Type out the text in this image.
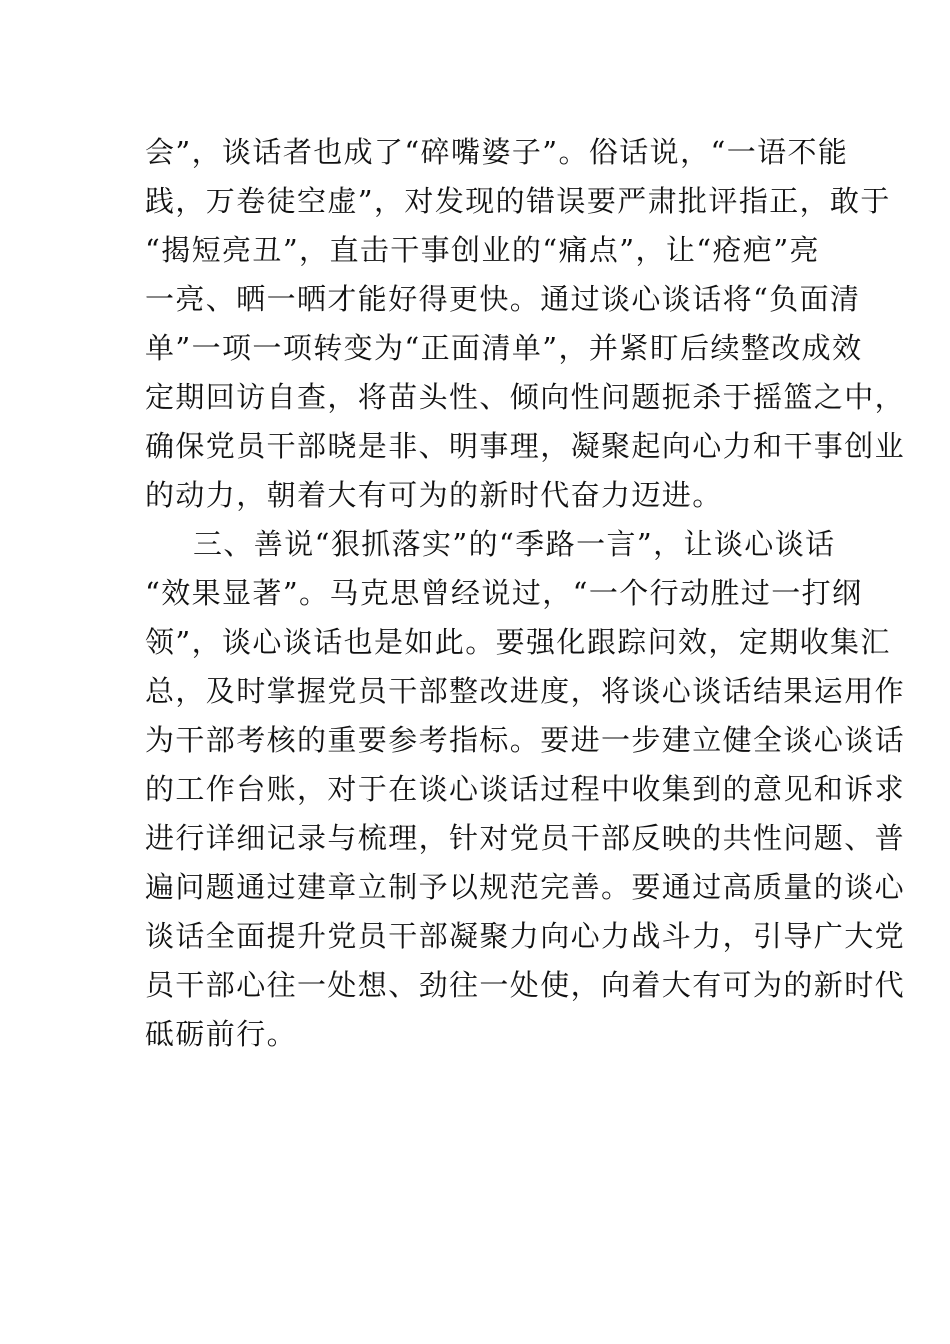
会”，谈话者也成了“碎嘴婆子”。俗话说，“一语不能
践，万卷徒空虚”，对发现的错误要严肃批评指正，敢于
“揭短亮丑”，直击干事创业的“痛点”，让“疮疤”亮
一亮、晒一晒才能好得更快。通过谈心谈话将“负面清
单”一项一项转变为“正面清单”，并紧盯后续整改成效
定期回访自查，将苗头性、倾向性问题扼杀于摇篮之中，
确保党员干部晓是非、明事理，凝聚起向心力和干事创业
的动力，朝着大有可为的新时代奋力迈进。
三、善说“狠抓落实”的“季路一言”，让谈心谈话
“效果显著”。马克思曾经说过，“一个行动胜过一打纲
领”，谈心谈话也是如此。要强化跟踪问效，定期收集汇
总，及时掌握党员干部整改进度，将谈心谈话结果运用作
为干部考核的重要参考指标。要进一步建立健全谈心谈话
的工作台账，对于在谈心谈话过程中收集到的意见和诉求
进行详细记录与梳理，针对党员干部反映的共性问题、普
遍问题通过建章立制予以规范完善。要通过高质量的谈心
谈话全面提升党员干部凝聚力向心力战斗力，引导广大党
员干部心往一处想、劲往一处使，向着大有可为的新时代
砥砺前行。
